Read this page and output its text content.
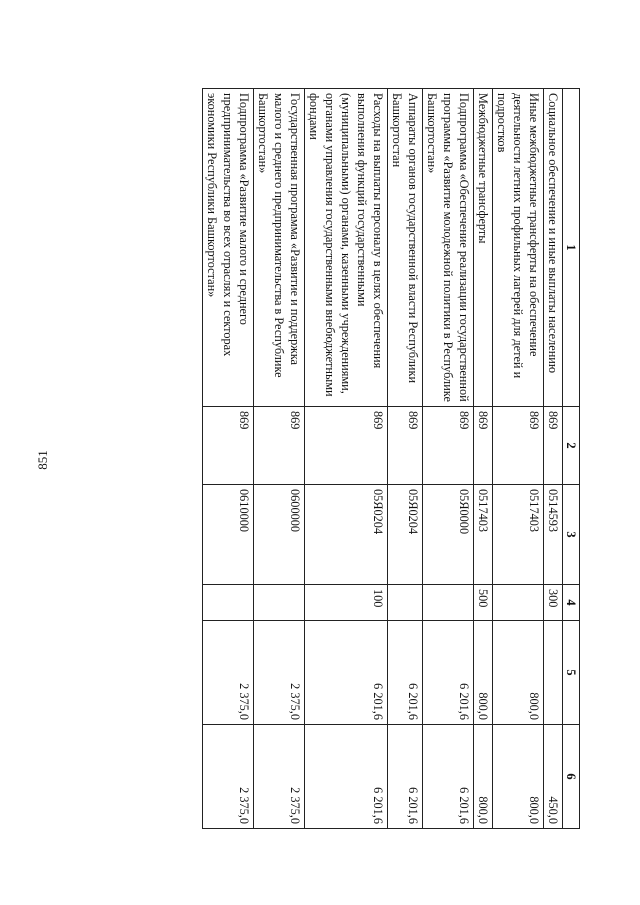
851
1	2	3	4	5	6
Социальное обеспечение и иные выплаты населению	869	0514593	300		450,0
Иные межбюджетные трансферты на обеспечение деятельности летних профильных лагерей для детей и подростков	869	0517403		800,0	800,0
Межбюджетные трансферты	869	0517403	500	800,0	800,0
Подпрограмма «Обеспечение реализации государственной программы «Развитие молодежной политики в Республике Башкортостан»	869	05Я0000		6 201,6	6 201,6
Аппараты органов государственной власти Республики Башкортостан	869	05Я0204		6 201,6	6 201,6
Расходы на выплаты персоналу в целях обеспечения выполнения функций государственными (муниципальными) органами, казенными учреждениями, органами управления государственными внебюджетными фондами	869	05Я0204	100	6 201,6	6 201,6
Государственная программа «Развитие и поддержка малого и среднего предпринимательства в Республике Башкортостан»	869	0600000		2 375,0	2 375,0
Подпрограмма «Развитие малого и среднего предпринимательства во всех отраслях и секторах экономики Республики Башкортостан»	869	0610000		2 375,0	2 375,0
